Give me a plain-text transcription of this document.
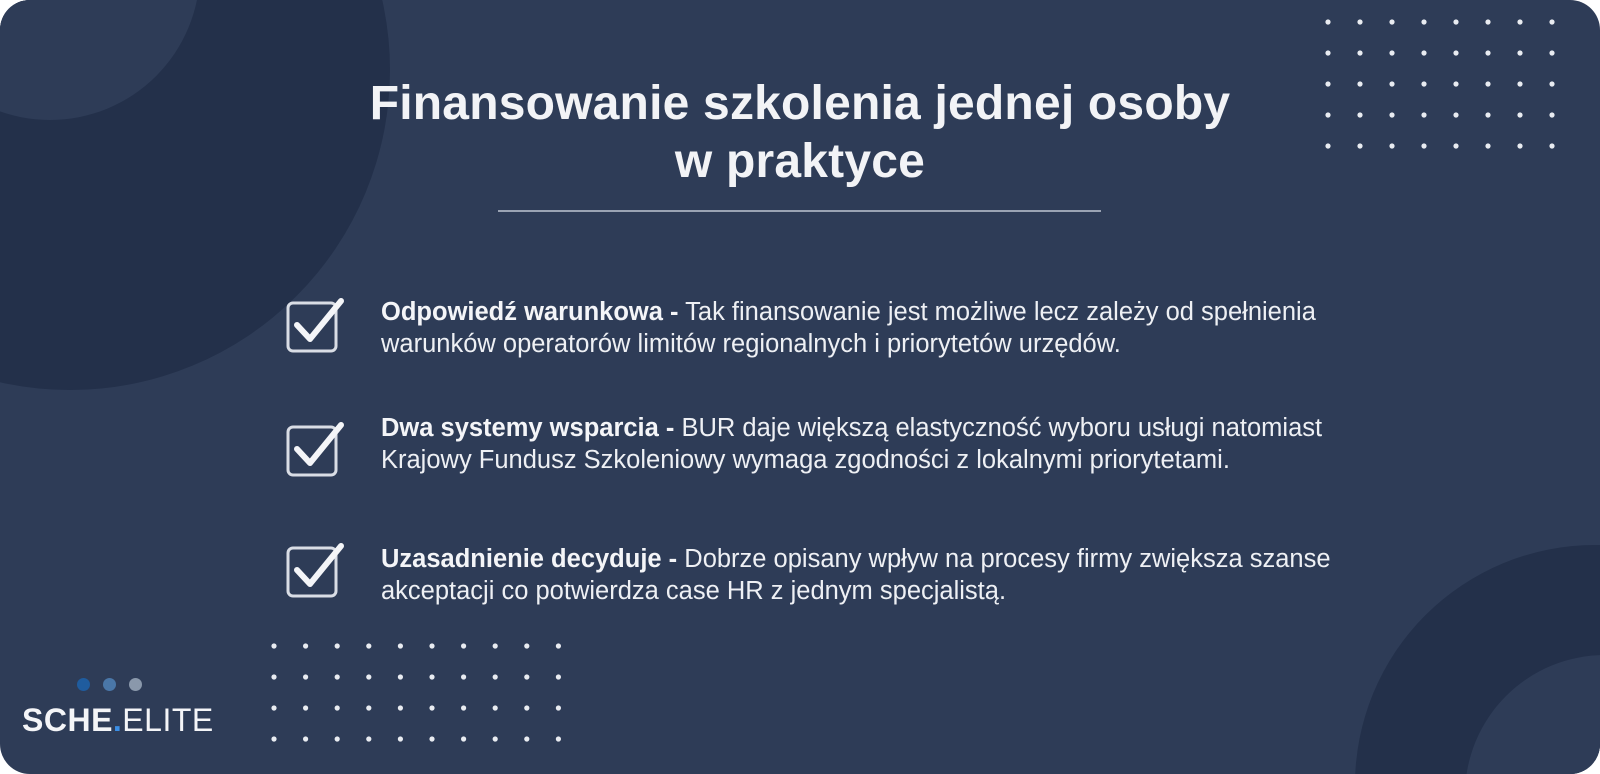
Finansowanie szkolenia jednej osoby
w praktyce

Odpowiedź warunkowa - Tak finansowanie jest możliwe lecz zależy od spełnienia warunków operatorów limitów regionalnych i priorytetów urzędów.

Dwa systemy wsparcia - BUR daje większą elastyczność wyboru usługi natomiast Krajowy Fundusz Szkoleniowy wymaga zgodności z lokalnymi priorytetami.

Uzasadnienie decyduje - Dobrze opisany wpływ na procesy firmy zwiększa szanse akceptacji co potwierdza case HR z jednym specjalistą.

SCHE.ELITE
